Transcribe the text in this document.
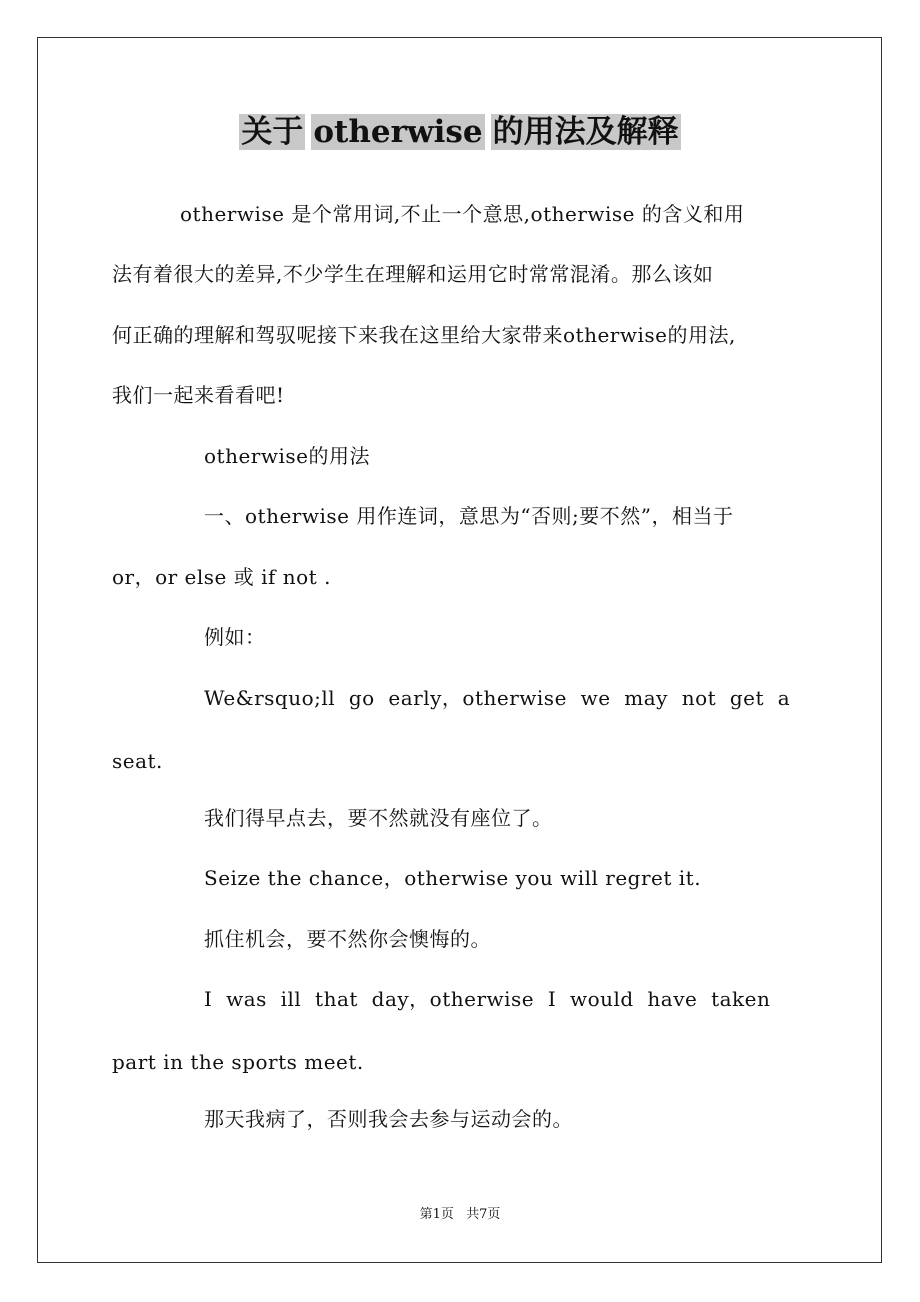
关于 otherwise 的用法及解释
otherwise 是个常用词,不止一个意思,otherwise 的含义和用
法有着很大的差异,不少学生在理解和运用它时常常混淆。那么该如
何正确的理解和驾驭呢接下来我在这里给大家带来otherwise的用法,
我们一起来看看吧!
otherwise的用法
一、otherwise 用作连词，意思为“否则;要不然”，相当于
or，or else 或 if not .
例如：
We&rsquo;ll  go  early，otherwise  we  may  not  get  a
seat.
我们得早点去，要不然就没有座位了。
Seize the chance，otherwise you will regret it.
抓住机会，要不然你会懊悔的。
I  was  ill  that  day，otherwise  I  would  have  taken
part in the sports meet.
那天我病了，否则我会去参与运动会的。
第1页 共7页
